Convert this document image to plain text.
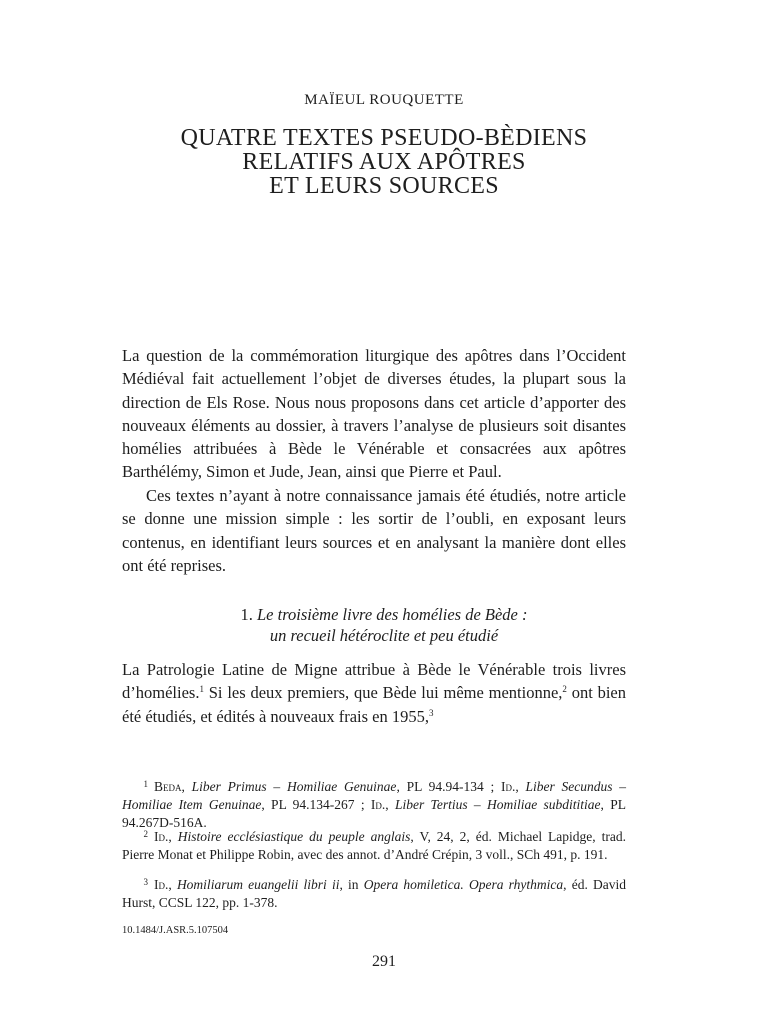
MAÏEUL ROUQUETTE
QUATRE TEXTES PSEUDO-BÈDIENS
RELATIFS AUX APÔTRES
ET LEURS SOURCES
La question de la commémoration liturgique des apôtres dans l’Occident Médiéval fait actuellement l’objet de diverses études, la plupart sous la direction de Els Rose. Nous nous proposons dans cet article d’apporter des nouveaux éléments au dossier, à travers l’analyse de plusieurs soit disantes homélies attribuées à Bède le Vénérable et consacrées aux apôtres Barthélémy, Simon et Jude, Jean, ainsi que Pierre et Paul.
Ces textes n’ayant à notre connaissance jamais été étudiés, notre article se donne une mission simple : les sortir de l’oubli, en exposant leurs contenus, en identifiant leurs sources et en analysant la manière dont elles ont été reprises.
1. Le troisième livre des homélies de Bède :
un recueil hétéroclite et peu étudié
La Patrologie Latine de Migne attribue à Bède le Vénérable trois livres d’homélies.$^1$ Si les deux premiers, que Bède lui même mentionne,$^2$ ont bien été étudiés, et édités à nouveaux frais en 1955,$^3$
1 Beda, Liber Primus – Homiliae Genuinae, PL 94.94-134 ; Id., Liber Secundus – Homiliae Item Genuinae, PL 94.134-267 ; Id., Liber Tertius – Homiliae subdititiae, PL 94.267D-516A.
2 Id., Histoire ecclésiastique du peuple anglais, V, 24, 2, éd. Michael Lapidge, trad. Pierre Monat et Philippe Robin, avec des annot. d’André Crépin, 3 voll., SCh 491, p. 191.
3 Id., Homiliarum euangelii libri ii, in Opera homiletica. Opera rhythmica, éd. David Hurst, CCSL 122, pp. 1-378.
10.1484/J.ASR.5.107504
291
